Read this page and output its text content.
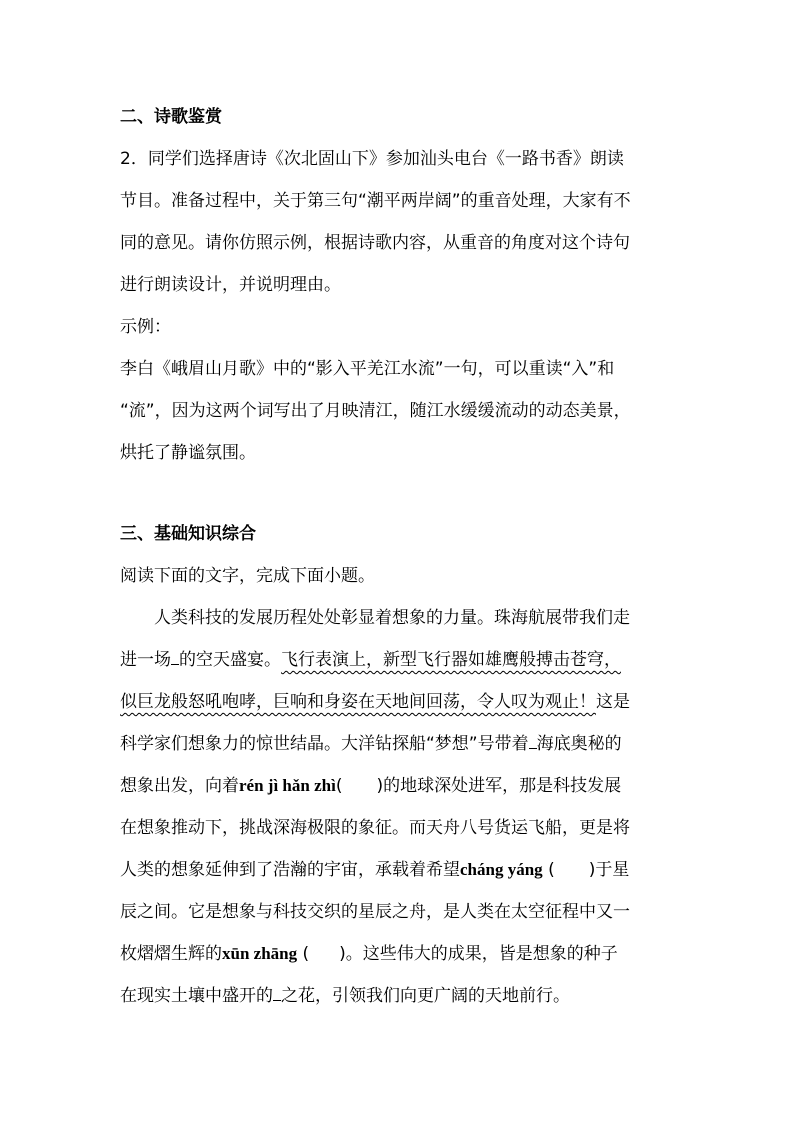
二、诗歌鉴赏
2．同学们选择唐诗《次北固山下》参加汕头电台《一路书香》朗读
节目。准备过程中，关于第三句“潮平两岸阔”的重音处理，大家有不
同的意见。请你仿照示例，根据诗歌内容，从重音的角度对这个诗句
进行朗读设计，并说明理由。
示例：
李白《峨眉山月歌》中的“影入平羌江水流”一句，可以重读“入”和
“流”，因为这两个词写出了月映清江，随江水缓缓流动的动态美景，
烘托了静谧氛围。
三、基础知识综合
阅读下面的文字，完成下面小题。
人类科技的发展历程处处彰显着想象的力量。珠海航展带我们走
进一场 的空天盛宴。飞行表演上，新型飞行器如雄鹰般搏击苍穹，
似巨龙般怒吼咆哮，巨响和身姿在天地间回荡，令人叹为观止！这是
科学家们想象力的惊世结晶。大洋钻探船“梦想”号带着 海底奥秘的
想象出发，向着rén jì hǎn zhì( )的地球深处进军，那是科技发展
在想象推动下，挑战深海极限的象征。而天舟八号货运飞船，更是将
人类的想象延伸到了浩瀚的宇宙，承载着希望cháng yáng ( )于星
辰之间。它是想象与科技交织的星辰之舟，是人类在太空征程中又一
枚熠熠生辉的xūn zhāng ( )。这些伟大的成果，皆是想象的种子
在现实土壤中盛开的 之花，引领我们向更广阔的天地前行。
